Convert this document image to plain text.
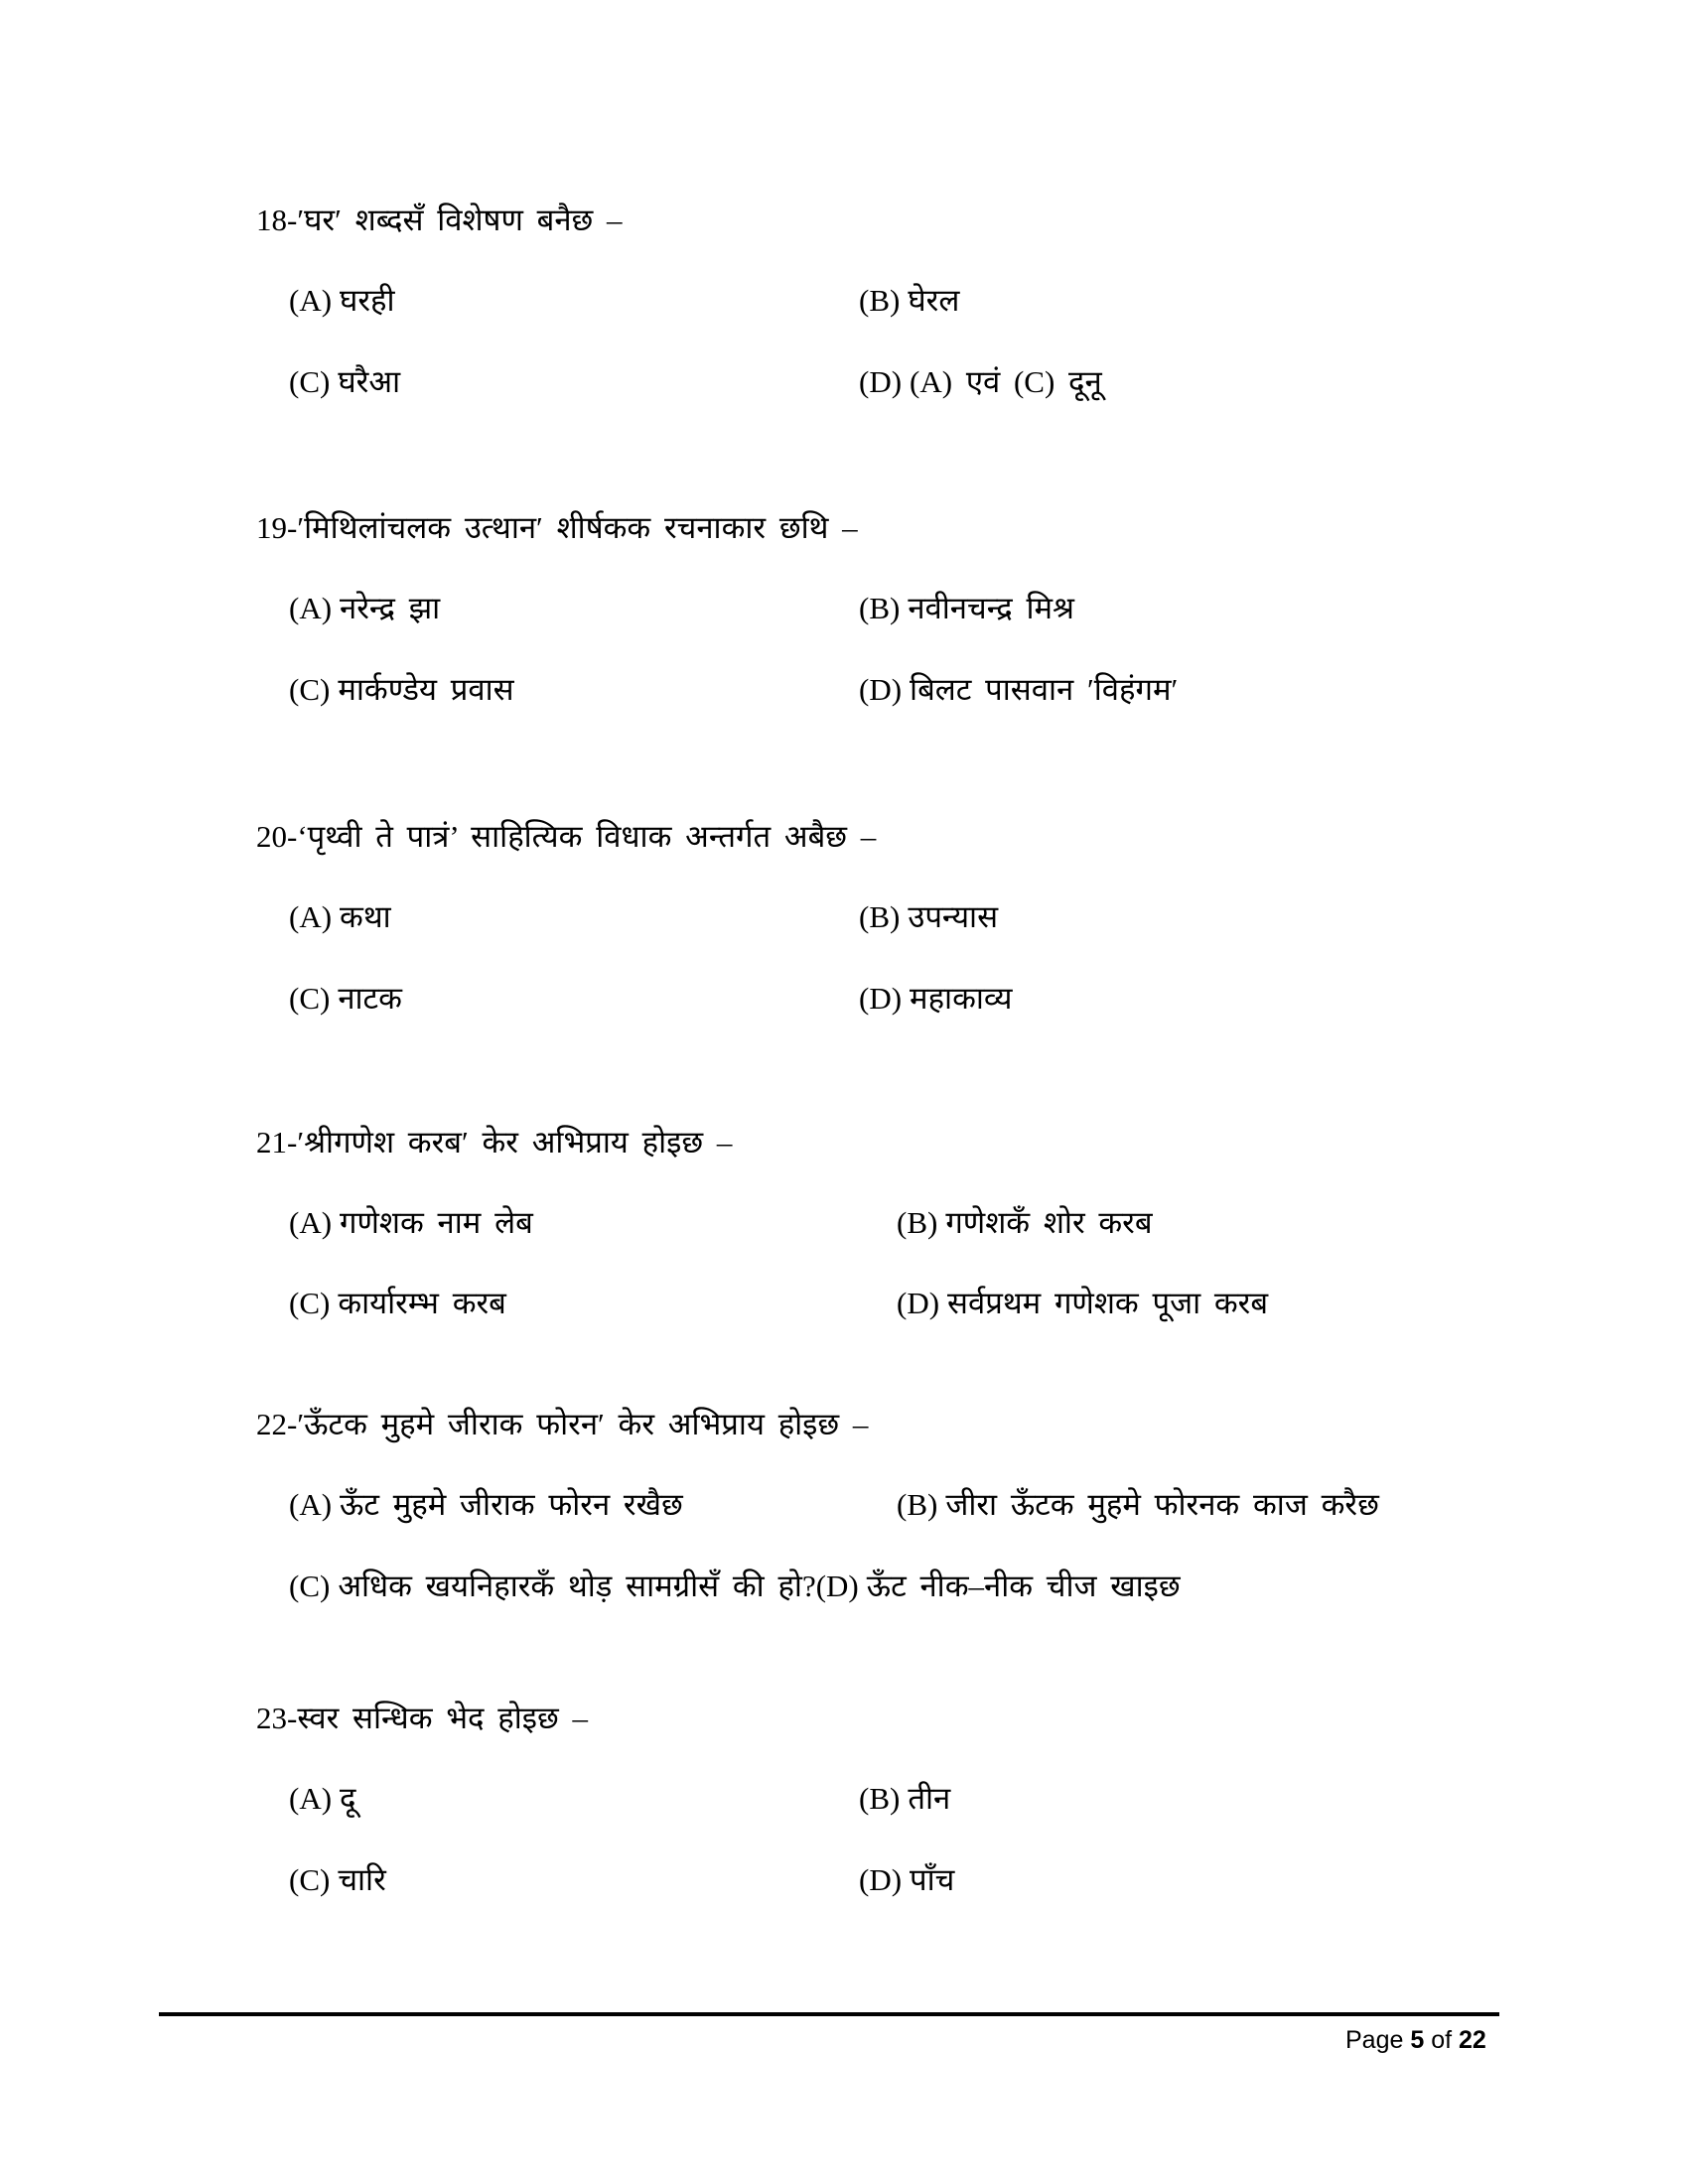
18-′घर′ शब्दसँ विशेषण बनैछ –
(A) घरही	(B) घेरल
(C) घरैआ	(D) (A) एवं (C) दूनू
19-′मिथिलांचलक उत्थान′ शीर्षकक रचनाकार छथि –
(A) नरेन्द्र झा	(B) नवीनचन्द्र मिश्र
(C) मार्कण्डेय प्रवास	(D) बिलट पासवान ′विहंगम′
20-‘पृथ्वी ते पात्रं’ साहित्यिक विधाक अन्तर्गत अबैछ –
(A) कथा	(B) उपन्यास
(C) नाटक	(D) महाकाव्य
21-′श्रीगणेश करब′ केर अभिप्राय होइछ –
(A) गणेशक नाम लेब	(B) गणेशकँ शोर करब
(C) कार्यारम्भ करब	(D) सर्वप्रथम गणेशक पूजा करब
22-′ऊँटक मुहमे जीराक फोरन′ केर अभिप्राय होइछ –
(A) ऊँट मुहमे जीराक फोरन रखैछ	(B) जीरा ऊँटक मुहमे फोरनक काज करैछ
(C) अधिक खयनिहारकँ थोड़ सामग्रीसँ की हो?(D) ऊँट नीक–नीक चीज खाइछ
23-स्वर सन्धिक भेद होइछ –
(A) दू	(B) तीन
(C) चारि	(D) पाँच
Page 5 of 22
